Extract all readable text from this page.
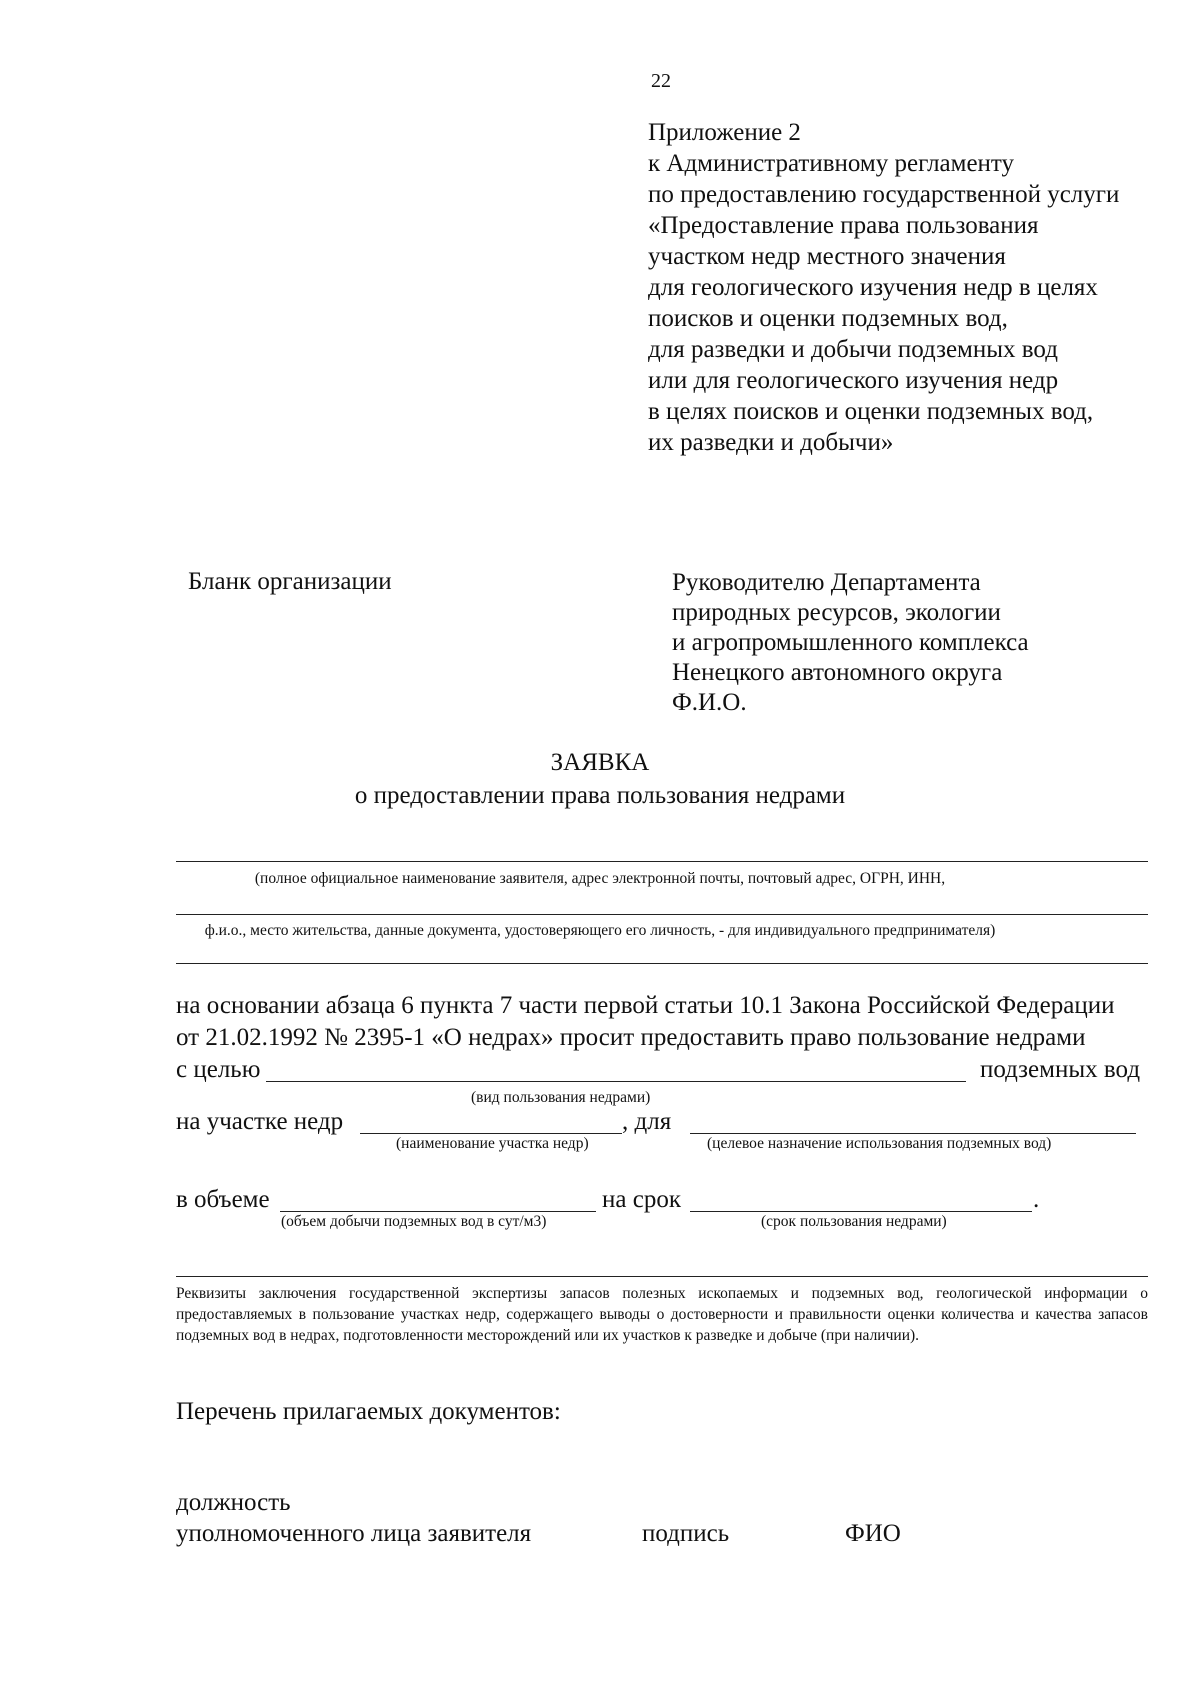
22
Приложение 2
к Административному регламенту
по предоставлению государственной услуги
«Предоставление права пользования
участком недр местного значения
для геологического изучения недр в целях
поисков и оценки подземных вод,
для разведки и добычи подземных вод
или для геологического изучения недр
в целях поисков и оценки подземных вод,
их разведки и добычи»
Бланк организации	Руководителю Департамента
природных ресурсов, экологии
и агропромышленного комплекса
Ненецкого автономного округа
Ф.И.О.
ЗАЯВКА
о предоставлении права пользования недрами
(полное официальное наименование заявителя, адрес электронной почты, почтовый адрес, ОГРН, ИНН,
ф.и.о., место жительства, данные документа, удостоверяющего его личность, - для индивидуального предпринимателя)
на основании абзаца 6 пункта 7 части первой статьи 10.1 Закона Российской Федерации
от 21.02.1992 № 2395-1 «О недрах» просит предоставить право пользование недрами
с целью	подземных вод
(вид пользования недрами)
на участке недр	, для
(наименование участка недр)	(целевое назначение использования подземных вод)
в объеме	на срок	.
(объем добычи подземных вод в сут/м3)	(срок пользования недрами)
Реквизиты заключения государственной экспертизы запасов полезных ископаемых и подземных вод, геологической информации о предоставляемых в пользование участках недр, содержащего выводы о достоверности и правильности оценки количества и качества запасов подземных вод в недрах, подготовленности месторождений или их участков к разведке и добыче (при наличии).
Перечень прилагаемых документов:
должность
уполномоченного лица заявителя	подпись	ФИО
